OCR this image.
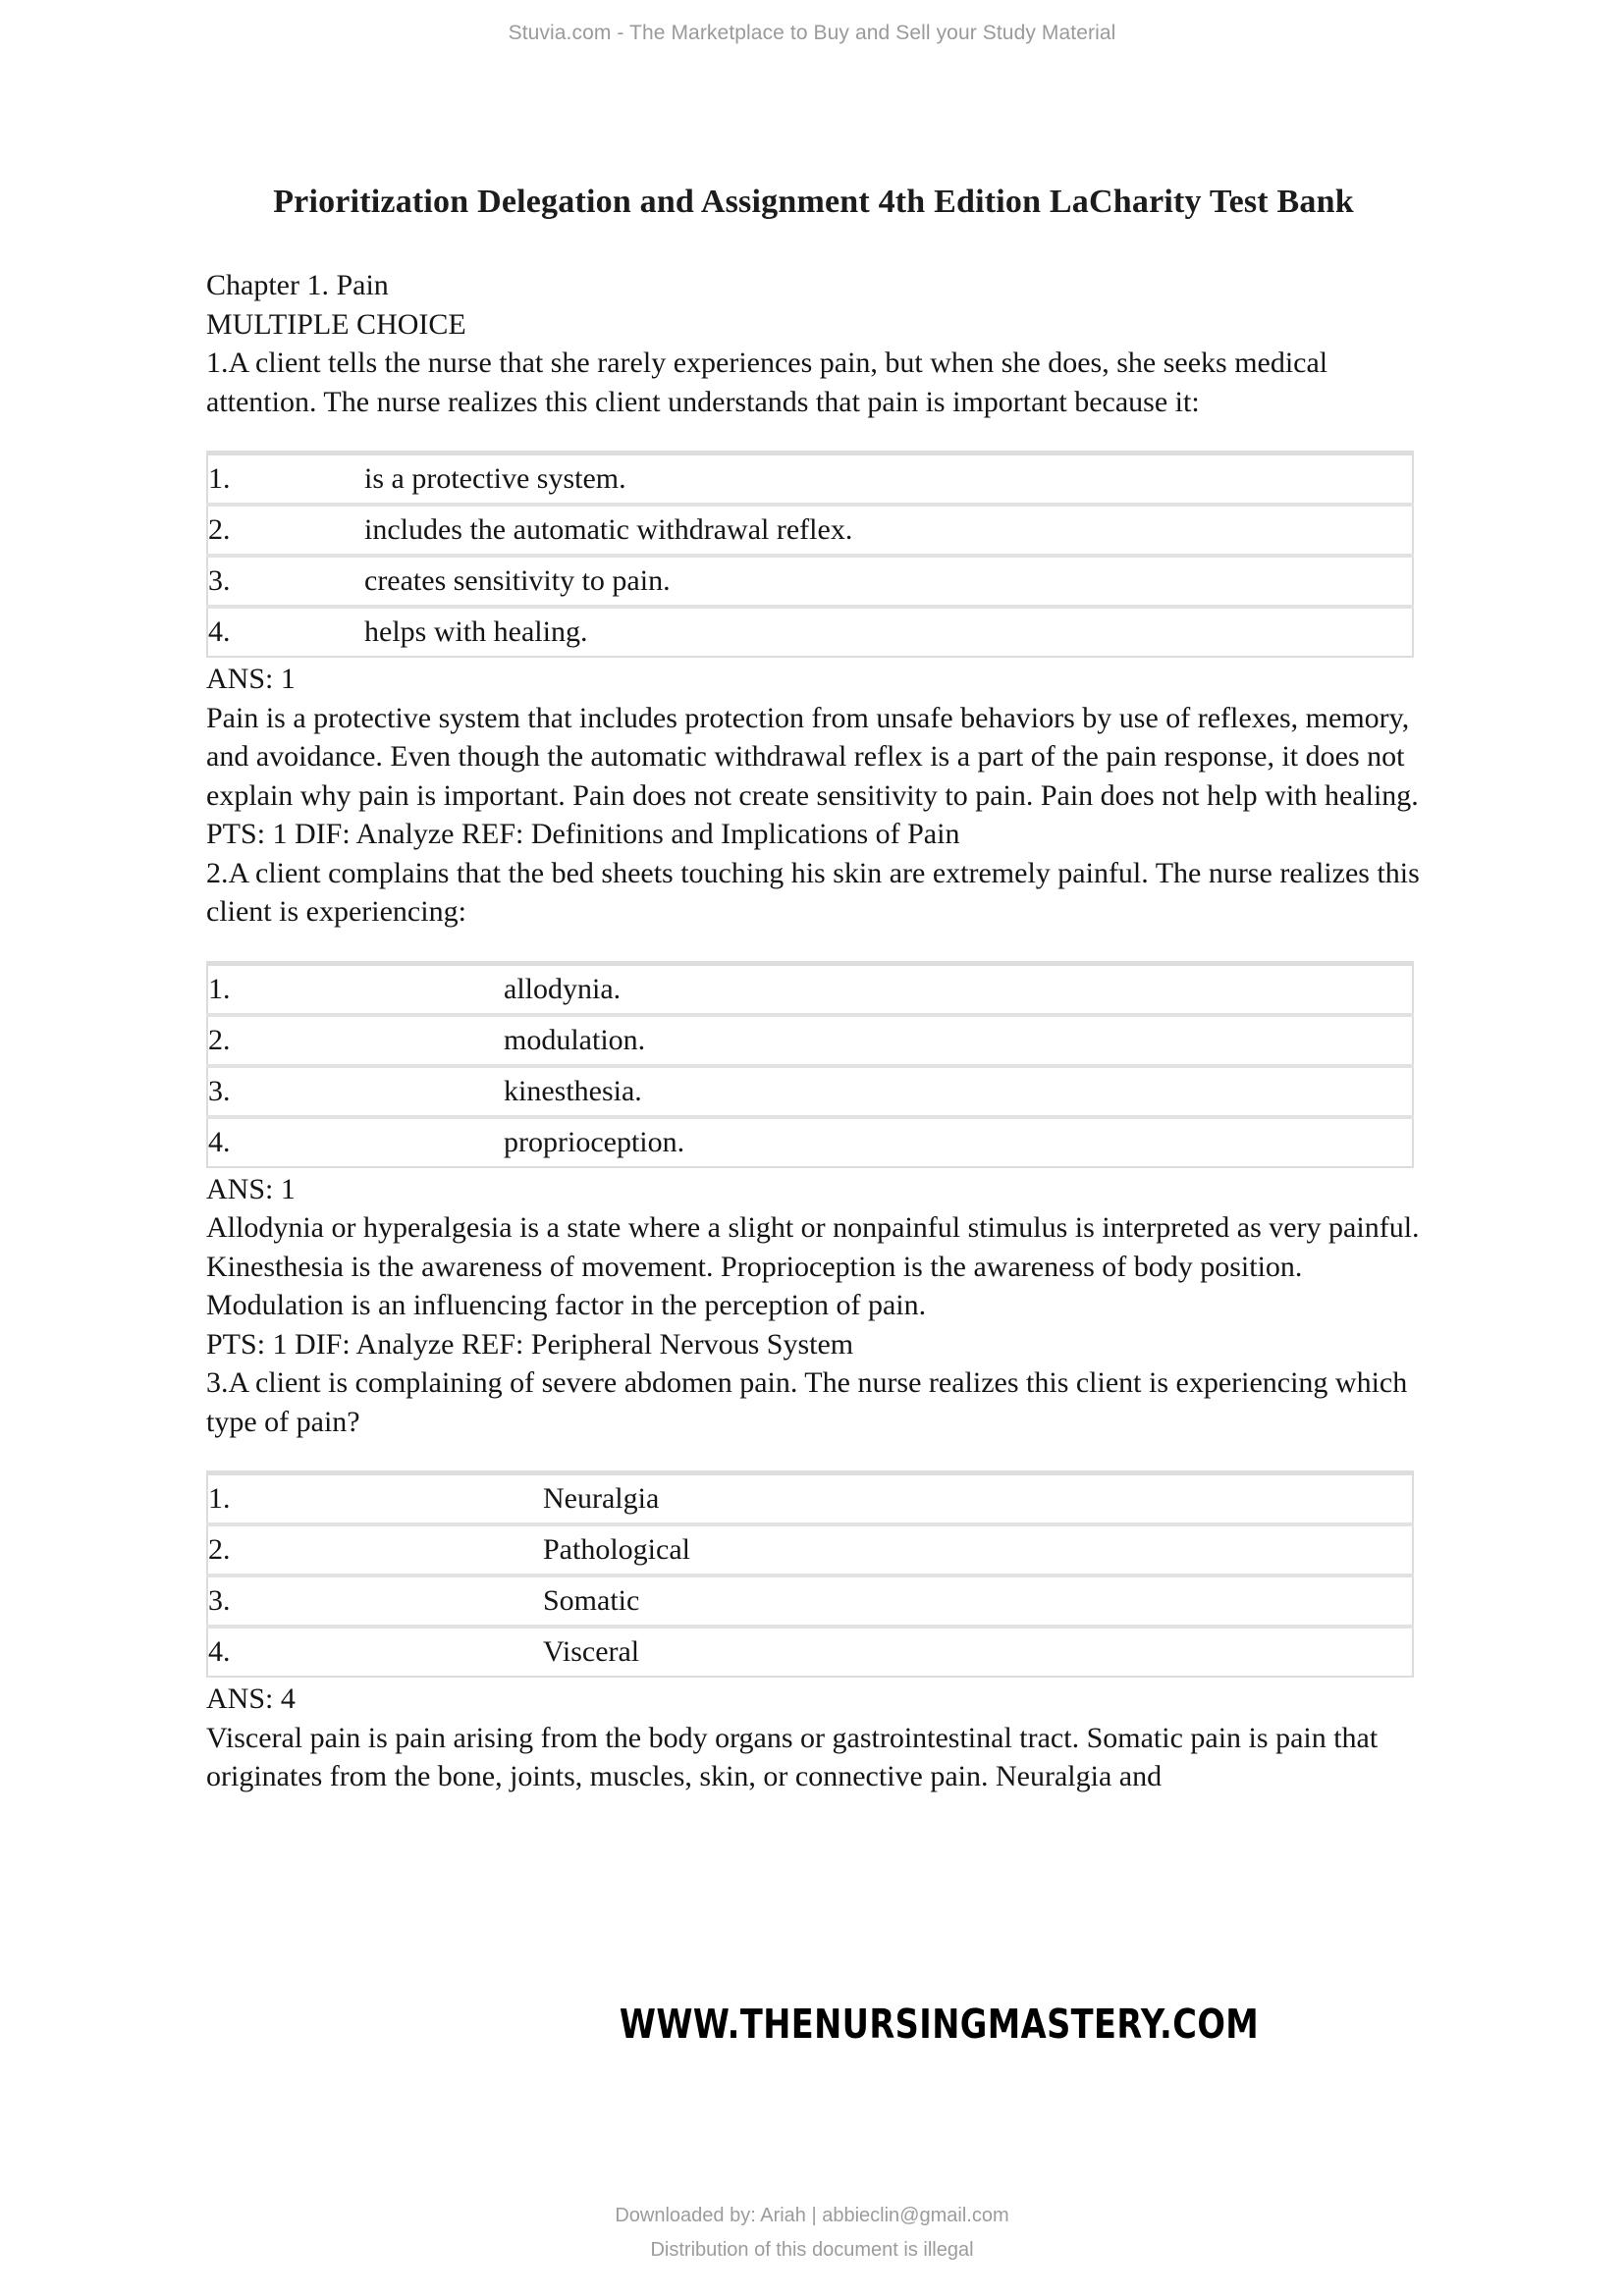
Stuvia.com - The Marketplace to Buy and Sell your Study Material
Prioritization Delegation and Assignment 4th Edition LaCharity Test Bank

Chapter 1. Pain

MULTIPLE CHOICE

1.A client tells the nurse that she rarely experiences pain, but when she does, she seeks medical attention. The nurse realizes this client understands that pain is important because it:

1.	is a protective system.
2.	includes the automatic withdrawal reflex.
3.	creates sensitivity to pain.
4.	helps with healing.

ANS: 1

Pain is a protective system that includes protection from unsafe behaviors by use of reflexes, memory, and avoidance. Even though the automatic withdrawal reflex is a part of the pain response, it does not explain why pain is important. Pain does not create sensitivity to pain. Pain does not help with healing.

PTS: 1 DIF: Analyze REF: Definitions and Implications of Pain

2.A client complains that the bed sheets touching his skin are extremely painful. The nurse realizes this client is experiencing:

1.	allodynia.
2.	modulation.
3.	kinesthesia.
4.	proprioception.

ANS: 1

Allodynia or hyperalgesia is a state where a slight or nonpainful stimulus is interpreted as very painful. Kinesthesia is the awareness of movement. Proprioception is the awareness of body position. Modulation is an influencing factor in the perception of pain.

PTS: 1 DIF: Analyze REF: Peripheral Nervous System

3.A client is complaining of severe abdomen pain. The nurse realizes this client is experiencing which type of pain?

1.	Neuralgia
2.	Pathological
3.	Somatic
4.	Visceral

ANS: 4

Visceral pain is pain arising from the body organs or gastrointestinal tract. Somatic pain is pain that originates from the bone, joints, muscles, skin, or connective pain. Neuralgia and

WWW.THENURSINGMASTERY.COM
Downloaded by: Ariah | abbieclin@gmail.com
Distribution of this document is illegal
